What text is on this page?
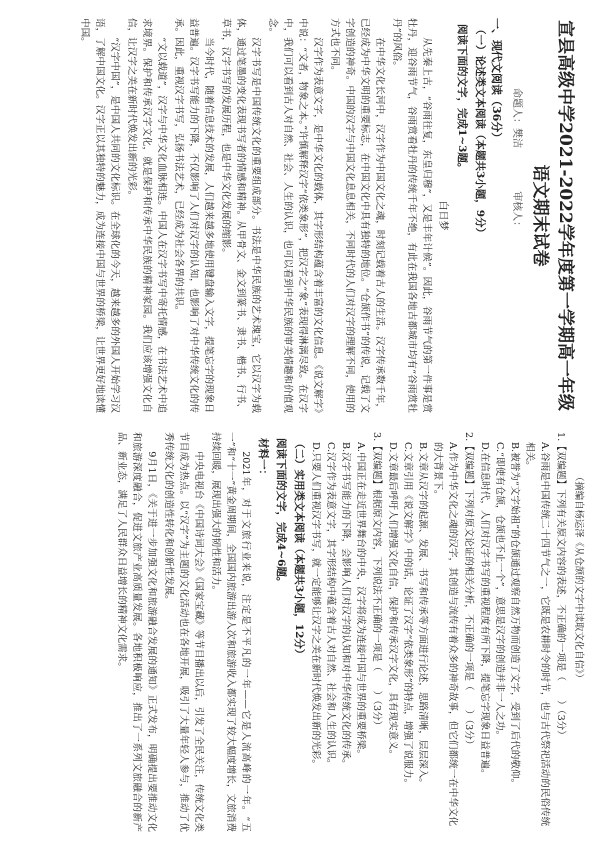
宣县高级中学2021-2022学年度第一学期高一年级语文期末试卷
命题人：樊洁 审核人：
一、现代文阅读（36分）
（一）论述类文本阅读（本题共3小题，9分）
阅读下面的文字，完成1~3题。
白日梦

从先秦上古，“谷雨往复，东皇归穆”，又是丰年计候”。因此，谷雨节气的第一件事是赏牡丹，迎谷雨节气，谷雨赏看牡丹的传统千年不绝，有此在我国各地古都城市均有“谷雨赏牡丹”的风俗。

在中华文化长河中，汉字作为中国文化之魂，时刻记载着古人的生活。汉字传承数千年，已经成为中华文明的重要标志，在中国文化中具有独特的地位。“仓颉作书”的传说，记载了文字创造的神奇。中国的汉字与中国文化息息相关，不同时代的人们对汉字的理解不同，使用的方式也不同。

汉字作为表意文字，是中华文化的载体，其字形结构蕴含着丰富的文化信息。《说文解字》中说：“文者，物象之本。”许慎解释汉字“依类象形”，把汉字之“象”表现得淋漓尽致。在汉字中，我们可以看到古人对自然、社会、人生的认识，也可以看到中华民族的审美情趣和价值观念。

汉字书写是中国传统文化的重要组成部分。书法是中华民族的艺术瑰宝，它以汉字为载体，通过笔墨的变化表现书写者的情感和精神。从甲骨文、金文到篆书、隶书、楷书、行书、草书，汉字书写的发展历程，也是中华文化发展的缩影。

当今时代，随着信息技术的发展，人们越来越多地使用键盘输入文字，提笔忘字的现象日益普遍。汉字书写能力的下降，不仅影响了人们对汉字的认知，也影响了对中华传统文化的传承。因此，重视汉字书写，弘扬书法艺术，已经成为社会各界的共识。

“文以载道”，汉字与中华文化血脉相连。中国人在汉字书写中寄托情感，在书法艺术中追求境界。保护和传承汉字文化，就是保护和传承中华民族的精神家园。我们应该增强文化自信，让汉字之美在新时代焕发出新的光彩。

“汉字中国”，是中国人共同的文化标识。在全球化的今天，越来越多的外国人开始学习汉语，了解中国文化。汉字正以其独特的魅力，成为连接中国与世界的桥梁，让世界更好地读懂中国。

（摘编自杨运泽《从仓颉的文字中读取文化自信》）
1.【双编题】下列有关原文内容的表述，不正确的一项是（　　）（3分）
A.谷雨是中国传统二十四节气之一，它既是农耕时令的时节，也与古代祭祀活动的民俗传统相关。
B.被誉为“文字始祖”的仓颉通过观察自然万物而创造了文字，受到了后代的敬仰。
C.“即使有仓颉，仓颉也不止一个”，意思是汉字的创造并非一人之功。
D.在信息时代，人们对汉字书写的重视程度有所下降，提笔忘字现象日益普遍。
2.【双编题】下列对原文论证的相关分析，不正确的一项是（　　）（3分）
A.作为中华文化之魂的汉字，其创造与流传有着众多的神奇故事，但它们都统一在中华文化的大背景下。
B.文章从汉字的起源、发展、书写和传承等方面进行论述，思路清晰，层层深入。
C.文章引用《说文解字》中的话，论证了汉字“依类象形”的特点，增强了说服力。
D.文章最后呼吁人们增强文化自信，保护和传承汉字文化，具有现实意义。
3.【双编题】根据原文内容，下列说法不正确的一项是（　　）（3分）
A.中国正在走近世界舞台的中央，汉字将成为连接中国与世界的重要桥梁。
B.汉字书写能力的下降，会影响人们对汉字的认知和对中华传统文化的传承。
C.汉字作为表意文字，其字形结构中蕴含着古人对自然、社会和人生的认识。
D.只要人们重视汉字书写，就一定能够让汉字之美在新时代焕发出新的光彩。
（二）实用类文本阅读（本题共3小题，12分）
阅读下面的文字，完成4~6题。
材料一：

2021年，对于文旅行业来说，注定是不平凡的一年——它是人流高峰的一年。“五一”和“十一”黄金周期间，全国国内旅游出游人次和旅游收入都实现了较大幅度增长，文旅消费持续回暖，展现出强大的韧性和活力。

中央电视台《中国诗词大会》《国家宝藏》等节目播出以后，引发了全民关注，传统文化类节目成为热点。以“汉字”为主题的文化活动也在各地开展，吸引了大量年轻人参与，推动了优秀传统文化的创造性转化和创新性发展。

9月1日，《关于进一步加强文化和旅游融合发展的通知》正式发布，明确提出要推动文化和旅游深度融合，促进文旅产业高质量发展。各地积极响应，推出了一系列文旅融合的新产品、新业态，满足了人民群众日益增长的精神文化需求。
